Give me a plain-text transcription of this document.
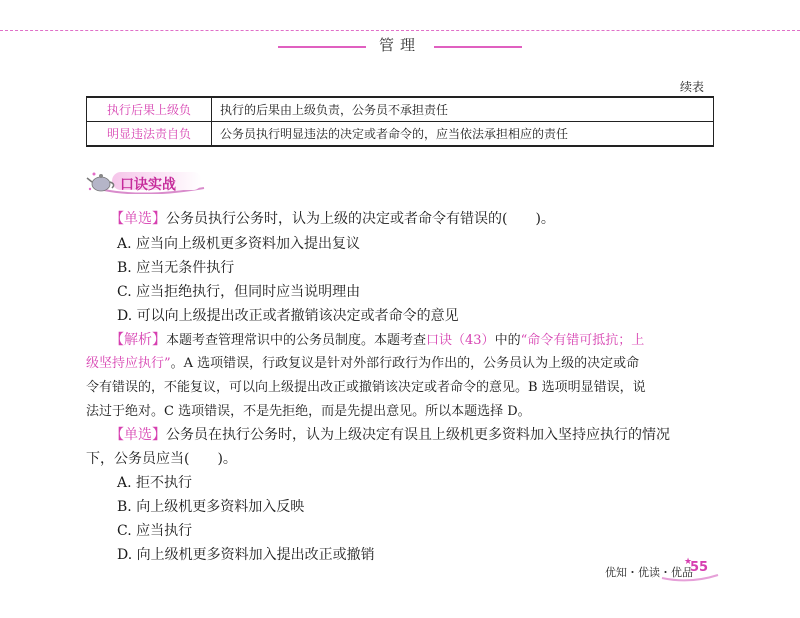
管理
续表
执行后果上级负	执行的后果由上级负责，公务员不承担责任
明显违法责自负	公务员执行明显违法的决定或者命令的，应当依法承担相应的责任
口诀实战
【单选】公务员执行公务时，认为上级的决定或者命令有错误的(　　)。
A. 应当向上级机更多资料加入提出复议
B. 应当无条件执行
C. 应当拒绝执行，但同时应当说明理由
D. 可以向上级提出改正或者撤销该决定或者命令的意见
【解析】本题考查管理常识中的公务员制度。本题考查口诀（43）中的“命令有错可抵抗；上
级坚持应执行”。A 选项错误，行政复议是针对外部行政行为作出的，公务员认为上级的决定或命
令有错误的，不能复议，可以向上级提出改正或撤销该决定或者命令的意见。B 选项明显错误，说
法过于绝对。C 选项错误，不是先拒绝，而是先提出意见。所以本题选择 D。
【单选】公务员在执行公务时，认为上级决定有误且上级机更多资料加入坚持应执行的情况
下，公务员应当(　　)。
A. 拒不执行
B. 向上级机更多资料加入反映
C. 应当执行
D. 向上级机更多资料加入提出改正或撤销
优知・优读・优品
★
55
